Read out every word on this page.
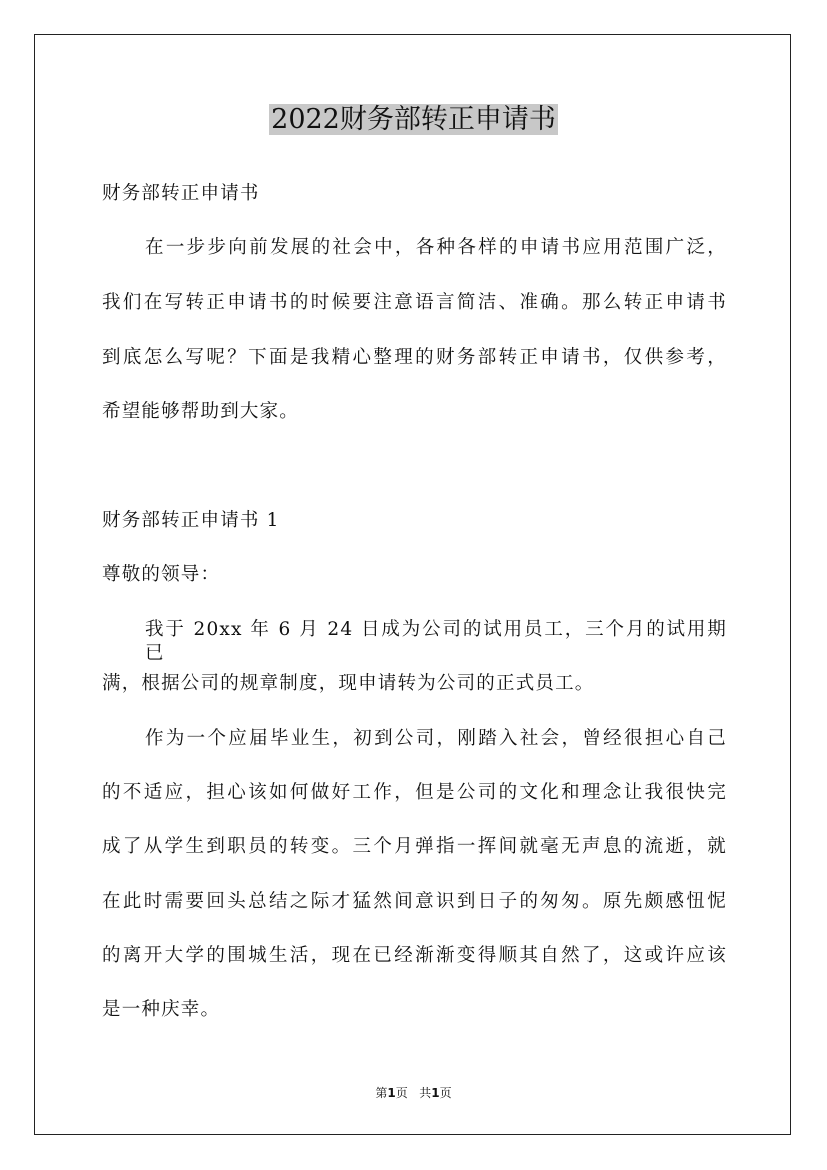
2022财务部转正申请书
财务部转正申请书
在一步步向前发展的社会中，各种各样的申请书应用范围广泛，
我们在写转正申请书的时候要注意语言简洁、准确。那么转正申请书
到底怎么写呢？下面是我精心整理的财务部转正申请书，仅供参考，
希望能够帮助到大家。
财务部转正申请书 1
尊敬的领导：
我于 20xx 年 6 月 24 日成为公司的试用员工，三个月的试用期已
满，根据公司的规章制度，现申请转为公司的正式员工。
作为一个应届毕业生，初到公司，刚踏入社会，曾经很担心自己
的不适应，担心该如何做好工作，但是公司的文化和理念让我很快完
成了从学生到职员的转变。三个月弹指一挥间就毫无声息的流逝，就
在此时需要回头总结之际才猛然间意识到日子的匆匆。原先颇感忸怩
的离开大学的围城生活，现在已经渐渐变得顺其自然了，这或许应该
是一种庆幸。
第1页 共1页
